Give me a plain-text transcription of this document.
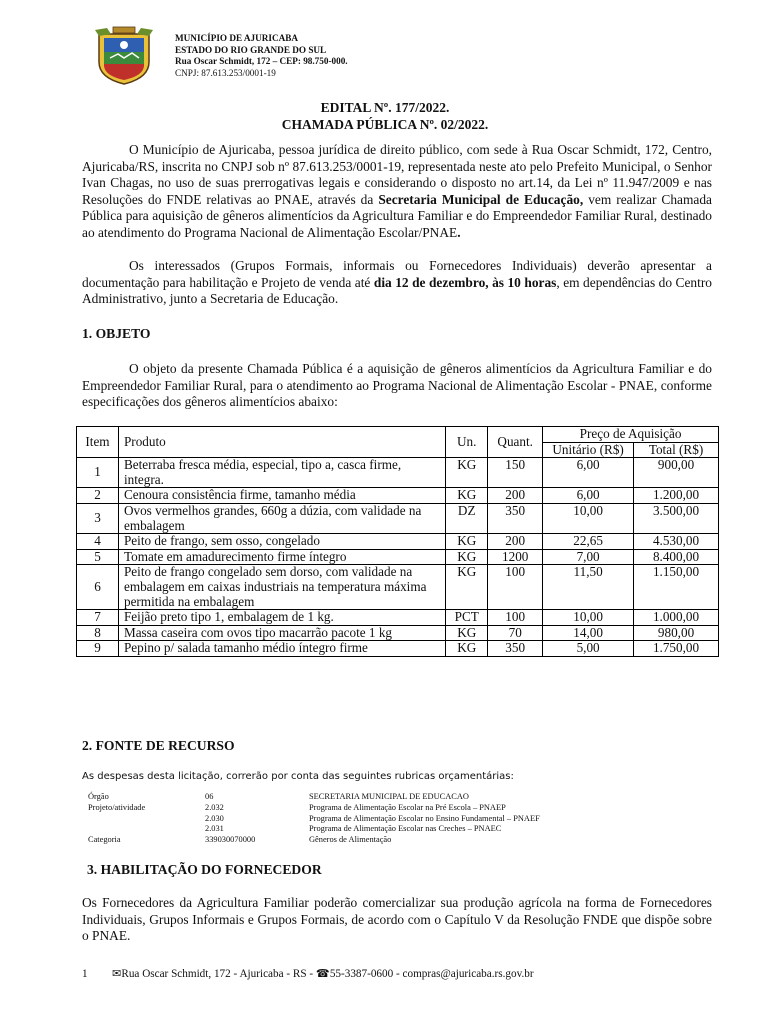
MUNICÍPIO DE AJURICABA
ESTADO DO RIO GRANDE DO SUL
Rua Oscar Schmidt, 172 – CEP: 98.750-000.
CNPJ: 87.613.253/0001-19
EDITAL Nº. 177/2022.
CHAMADA PÚBLICA Nº. 02/2022.

O Município de Ajuricaba, pessoa jurídica de direito público, com sede à Rua Oscar Schmidt, 172, Centro, Ajuricaba/RS, inscrita no CNPJ sob nº 87.613.253/0001-19, representada neste ato pelo Prefeito Municipal, o Senhor Ivan Chagas, no uso de suas prerrogativas legais e considerando o disposto no art.14, da Lei nº 11.947/2009 e nas Resoluções do FNDE relativas ao PNAE, através da Secretaria Municipal de Educação, vem realizar Chamada Pública para aquisição de gêneros alimentícios da Agricultura Familiar e do Empreendedor Familiar Rural, destinado ao atendimento do Programa Nacional de Alimentação Escolar/PNAE.

Os interessados (Grupos Formais, informais ou Fornecedores Individuais) deverão apresentar a documentação para habilitação e Projeto de venda até dia 12 de dezembro, às 10 horas, em dependências do Centro Administrativo, junto a Secretaria de Educação.

1. OBJETO

O objeto da presente Chamada Pública é a aquisição de gêneros alimentícios da Agricultura Familiar e do Empreendedor Familiar Rural, para o atendimento ao Programa Nacional de Alimentação Escolar - PNAE, conforme especificações dos gêneros alimentícios abaixo:

Item	Produto	Un.	Quant.	Preço de Aquisição	
				Unitário (R$)	Total (R$)
1	Beterraba fresca média, especial, tipo a, casca firme, integra.	KG	150	6,00	900,00
2	Cenoura consistência firme, tamanho média	KG	200	6,00	1.200,00
3	Ovos vermelhos grandes, 660g a dúzia, com validade na embalagem	DZ	350	10,00	3.500,00
4	Peito de frango, sem osso, congelado	KG	200	22,65	4.530,00
5	Tomate em amadurecimento firme íntegro	KG	1200	7,00	8.400,00
6	Peito de frango congelado sem dorso, com validade na embalagem em caixas industriais na temperatura máxima permitida na embalagem	KG	100	11,50	1.150,00
7	Feijão preto tipo 1, embalagem de 1 kg.	PCT	100	10,00	1.000,00
8	Massa caseira com ovos tipo macarrão pacote 1 kg	KG	70	14,00	980,00
9	Pepino p/ salada tamanho médio íntegro firme	KG	350	5,00	1.750,00
2. FONTE DE RECURSO
As despesas desta licitação, correrão por conta das seguintes rubricas orçamentárias:
Órgão	06	SECRETARIA MUNICIPAL DE EDUCACAO
Projeto/atividade	2.032	Programa de Alimentação Escolar na Pré Escola – PNAEP
	2.030	Programa de Alimentação Escolar no Ensino Fundamental – PNAEF
	2.031	Programa de Alimentação Escolar nas Creches – PNAEC
Categoria	339030070000	Gêneros de Alimentação
3. HABILITAÇÃO DO FORNECEDOR

Os Fornecedores da Agricultura Familiar poderão comercializar sua produção agrícola na forma de Fornecedores Individuais, Grupos Informais e Grupos Formais, de acordo com o Capítulo V da Resolução FNDE que dispõe sobre o PNAE.

1 ✉Rua Oscar Schmidt, 172 - Ajuricaba - RS - ☎55-3387-0600 - compras@ajuricaba.rs.gov.br
